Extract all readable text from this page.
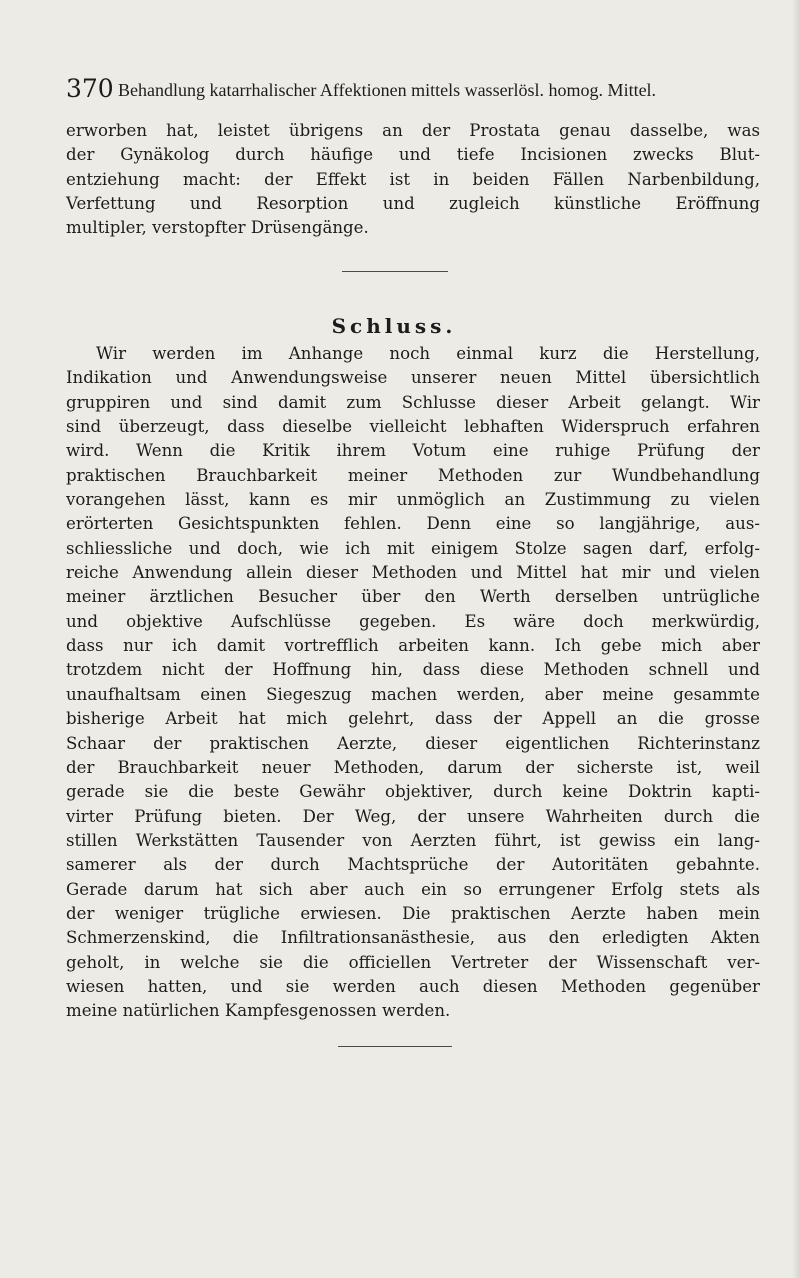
370 Behandlung katarrhalischer Affektionen mittels wasserlösl. homog. Mittel.
erworben hat, leistet übrigens an der Prostata genau dasselbe, was
der Gynäkolog durch häufige und tiefe Incisionen zwecks Blut-
entziehung macht: der Effekt ist in beiden Fällen Narbenbildung,
Verfettung und Resorption und zugleich künstliche Eröffnung
multipler, verstopfter Drüsengänge.
Schluss.
Wir werden im Anhange noch einmal kurz die Herstellung,
Indikation und Anwendungsweise unserer neuen Mittel übersichtlich
gruppiren und sind damit zum Schlusse dieser Arbeit gelangt. Wir
sind überzeugt, dass dieselbe vielleicht lebhaften Widerspruch erfahren
wird. Wenn die Kritik ihrem Votum eine ruhige Prüfung der
praktischen Brauchbarkeit meiner Methoden zur Wundbehandlung
vorangehen lässt, kann es mir unmöglich an Zustimmung zu vielen
erörterten Gesichtspunkten fehlen. Denn eine so langjährige, aus-
schliessliche und doch, wie ich mit einigem Stolze sagen darf, erfolg-
reiche Anwendung allein dieser Methoden und Mittel hat mir und vielen
meiner ärztlichen Besucher über den Werth derselben untrügliche
und objektive Aufschlüsse gegeben. Es wäre doch merkwürdig,
dass nur ich damit vortrefflich arbeiten kann. Ich gebe mich aber
trotzdem nicht der Hoffnung hin, dass diese Methoden schnell und
unaufhaltsam einen Siegeszug machen werden, aber meine gesammte
bisherige Arbeit hat mich gelehrt, dass der Appell an die grosse
Schaar der praktischen Aerzte, dieser eigentlichen Richterinstanz
der Brauchbarkeit neuer Methoden, darum der sicherste ist, weil
gerade sie die beste Gewähr objektiver, durch keine Doktrin kapti-
virter Prüfung bieten. Der Weg, der unsere Wahrheiten durch die
stillen Werkstätten Tausender von Aerzten führt, ist gewiss ein lang-
samerer als der durch Machtsprüche der Autoritäten gebahnte.
Gerade darum hat sich aber auch ein so errungener Erfolg stets als
der weniger trügliche erwiesen. Die praktischen Aerzte haben mein
Schmerzenskind, die Infiltrationsanästhesie, aus den erledigten Akten
geholt, in welche sie die officiellen Vertreter der Wissenschaft ver-
wiesen hatten, und sie werden auch diesen Methoden gegenüber
meine natürlichen Kampfesgenossen werden.
